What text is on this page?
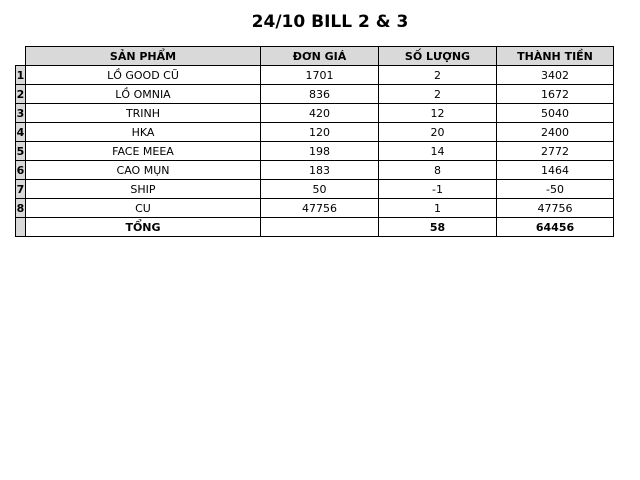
24/10 BILL 2 & 3
	SẢN PHẨM	ĐƠN GIÁ	SỐ LƯỢNG	THÀNH TIỀN
1	LỒ GOOD CŨ	1701	2	3402
2	LỒ OMNIA	836	2	1672
3	TRINH	420	12	5040
4	HKA	120	20	2400
5	FACE MEEA	198	14	2772
6	CAO MỤN	183	8	1464
7	SHIP	50	-1	-50
8	CU	47756	1	47756
	TỔNG		58	64456
